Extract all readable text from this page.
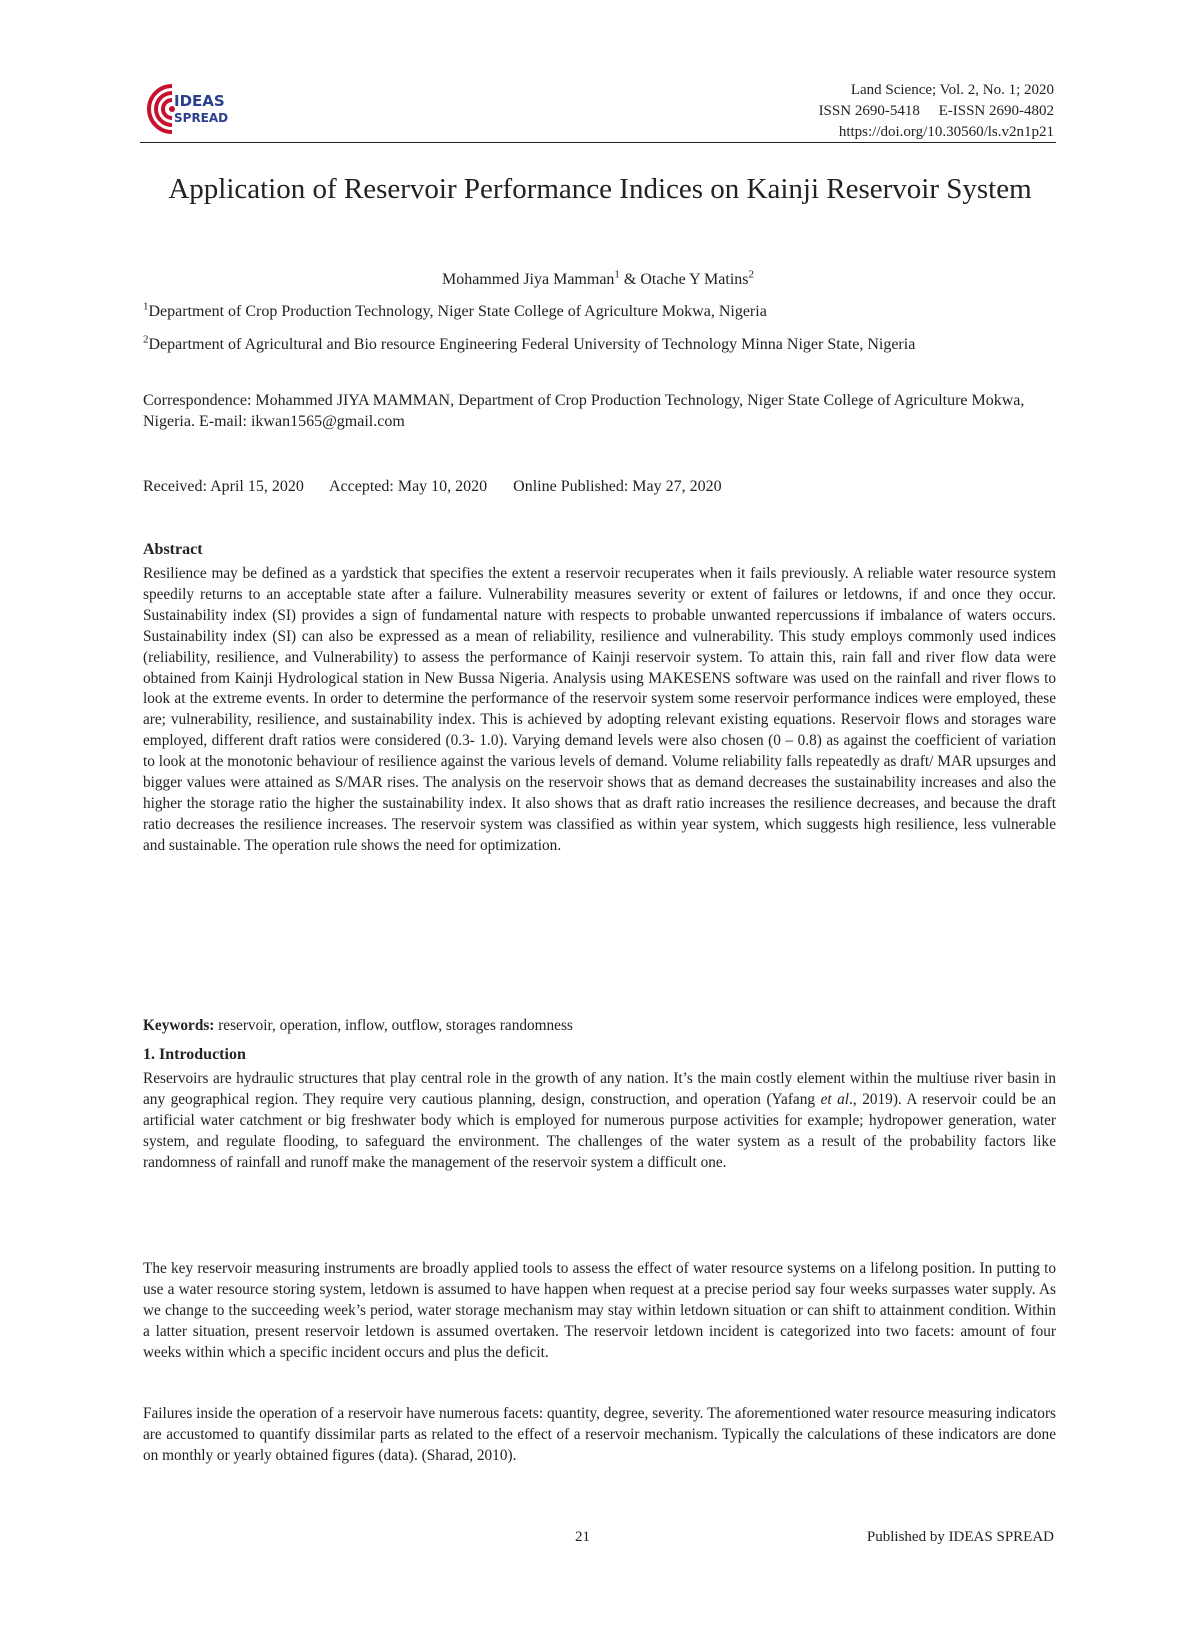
IDEAS
SPREAD
Land Science; Vol. 2, No. 1; 2020
ISSN 2690-5418     E-ISSN 2690-4802
https://doi.org/10.30560/ls.v2n1p21
Application of Reservoir Performance Indices on Kainji Reservoir System
Mohammed Jiya Mamman$^1$ & Otache Y Matins$^2$
$^1$Department of Crop Production Technology, Niger State College of Agriculture Mokwa, Nigeria
$^2$Department of Agricultural and Bio resource Engineering Federal University of Technology Minna Niger State, Nigeria
Correspondence: Mohammed JIYA MAMMAN, Department of Crop Production Technology, Niger State College of Agriculture Mokwa, Nigeria. E-mail: ikwan1565@gmail.com
Received: April 15, 2020 Accepted: May 10, 2020 Online Published: May 27, 2020
Abstract
Resilience may be defined as a yardstick that specifies the extent a reservoir recuperates when it fails previously. A reliable water resource system speedily returns to an acceptable state after a failure. Vulnerability measures severity or extent of failures or letdowns, if and once they occur. Sustainability index (SI) provides a sign of fundamental nature with respects to probable unwanted repercussions if imbalance of waters occurs. Sustainability index (SI) can also be expressed as a mean of reliability, resilience and vulnerability. This study employs commonly used indices (reliability, resilience, and Vulnerability) to assess the performance of Kainji reservoir system. To attain this, rain fall and river flow data were obtained from Kainji Hydrological station in New Bussa Nigeria. Analysis using MAKESENS software was used on the rainfall and river flows to look at the extreme events. In order to determine the performance of the reservoir system some reservoir performance indices were employed, these are; vulnerability, resilience, and sustainability index. This is achieved by adopting relevant existing equations. Reservoir flows and storages ware employed, different draft ratios were considered (0.3- 1.0). Varying demand levels were also chosen (0 – 0.8) as against the coefficient of variation to look at the monotonic behaviour of resilience against the various levels of demand. Volume reliability falls repeatedly as draft/ MAR upsurges and bigger values were attained as S/MAR rises. The analysis on the reservoir shows that as demand decreases the sustainability increases and also the higher the storage ratio the higher the sustainability index. It also shows that as draft ratio increases the resilience decreases, and because the draft ratio decreases the resilience increases. The reservoir system was classified as within year system, which suggests high resilience, less vulnerable and sustainable. The operation rule shows the need for optimization.
Keywords: reservoir, operation, inflow, outflow, storages randomness
1. Introduction
Reservoirs are hydraulic structures that play central role in the growth of any nation. It’s the main costly element within the multiuse river basin in any geographical region. They require very cautious planning, design, construction, and operation (Yafang et al., 2019). A reservoir could be an artificial water catchment or big freshwater body which is employed for numerous purpose activities for example; hydropower generation, water system, and regulate flooding, to safeguard the environment. The challenges of the water system as a result of the probability factors like randomness of rainfall and runoff make the management of the reservoir system a difficult one.
The key reservoir measuring instruments are broadly applied tools to assess the effect of water resource systems on a lifelong position. In putting to use a water resource storing system, letdown is assumed to have happen when request at a precise period say four weeks surpasses water supply. As we change to the succeeding week’s period, water storage mechanism may stay within letdown situation or can shift to attainment condition. Within a latter situation, present reservoir letdown is assumed overtaken. The reservoir letdown incident is categorized into two facets: amount of four weeks within which a specific incident occurs and plus the deficit.
Failures inside the operation of a reservoir have numerous facets: quantity, degree, severity. The aforementioned water resource measuring indicators are accustomed to quantify dissimilar parts as related to the effect of a reservoir mechanism. Typically the calculations of these indicators are done on monthly or yearly obtained figures (data). (Sharad, 2010).
21	Published by IDEAS SPREAD
